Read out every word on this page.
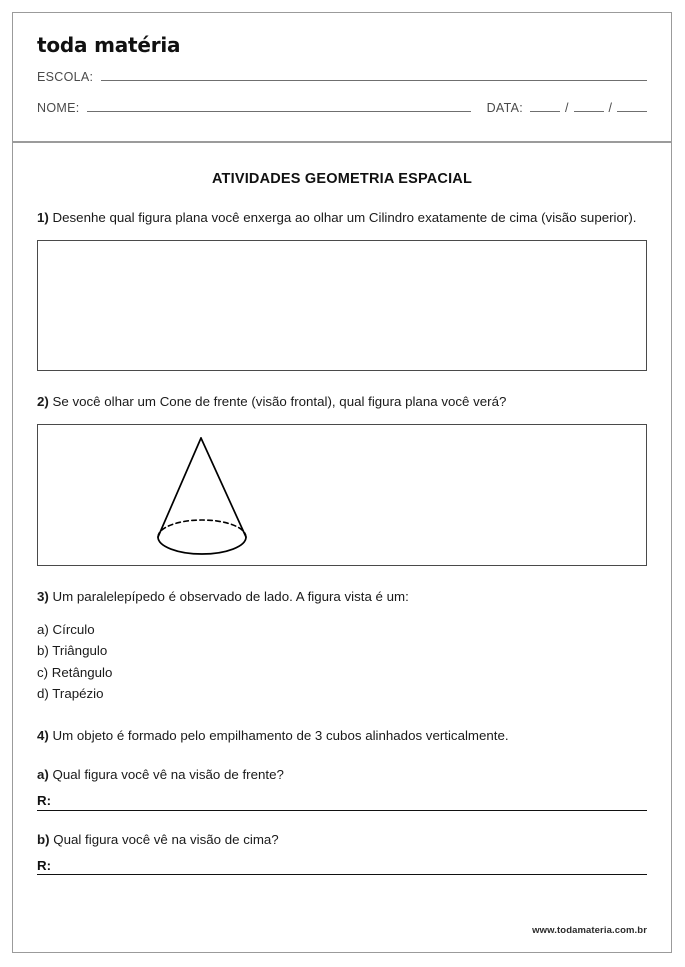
toda matéria
ESCOLA:
NOME:	DATA:	/	/
ATIVIDADES GEOMETRIA ESPACIAL
1) Desenhe qual figura plana você enxerga ao olhar um Cilindro exatamente de cima (visão superior).
2) Se você olhar um Cone de frente (visão frontal), qual figura plana você verá?
3) Um paralelepípedo é observado de lado. A figura vista é um:
a) Círculo
b) Triângulo
c) Retângulo
d) Trapézio
4) Um objeto é formado pelo empilhamento de 3 cubos alinhados verticalmente.
a) Qual figura você vê na visão de frente?
R:
b) Qual figura você vê na visão de cima?
R:
www.todamateria.com.br
